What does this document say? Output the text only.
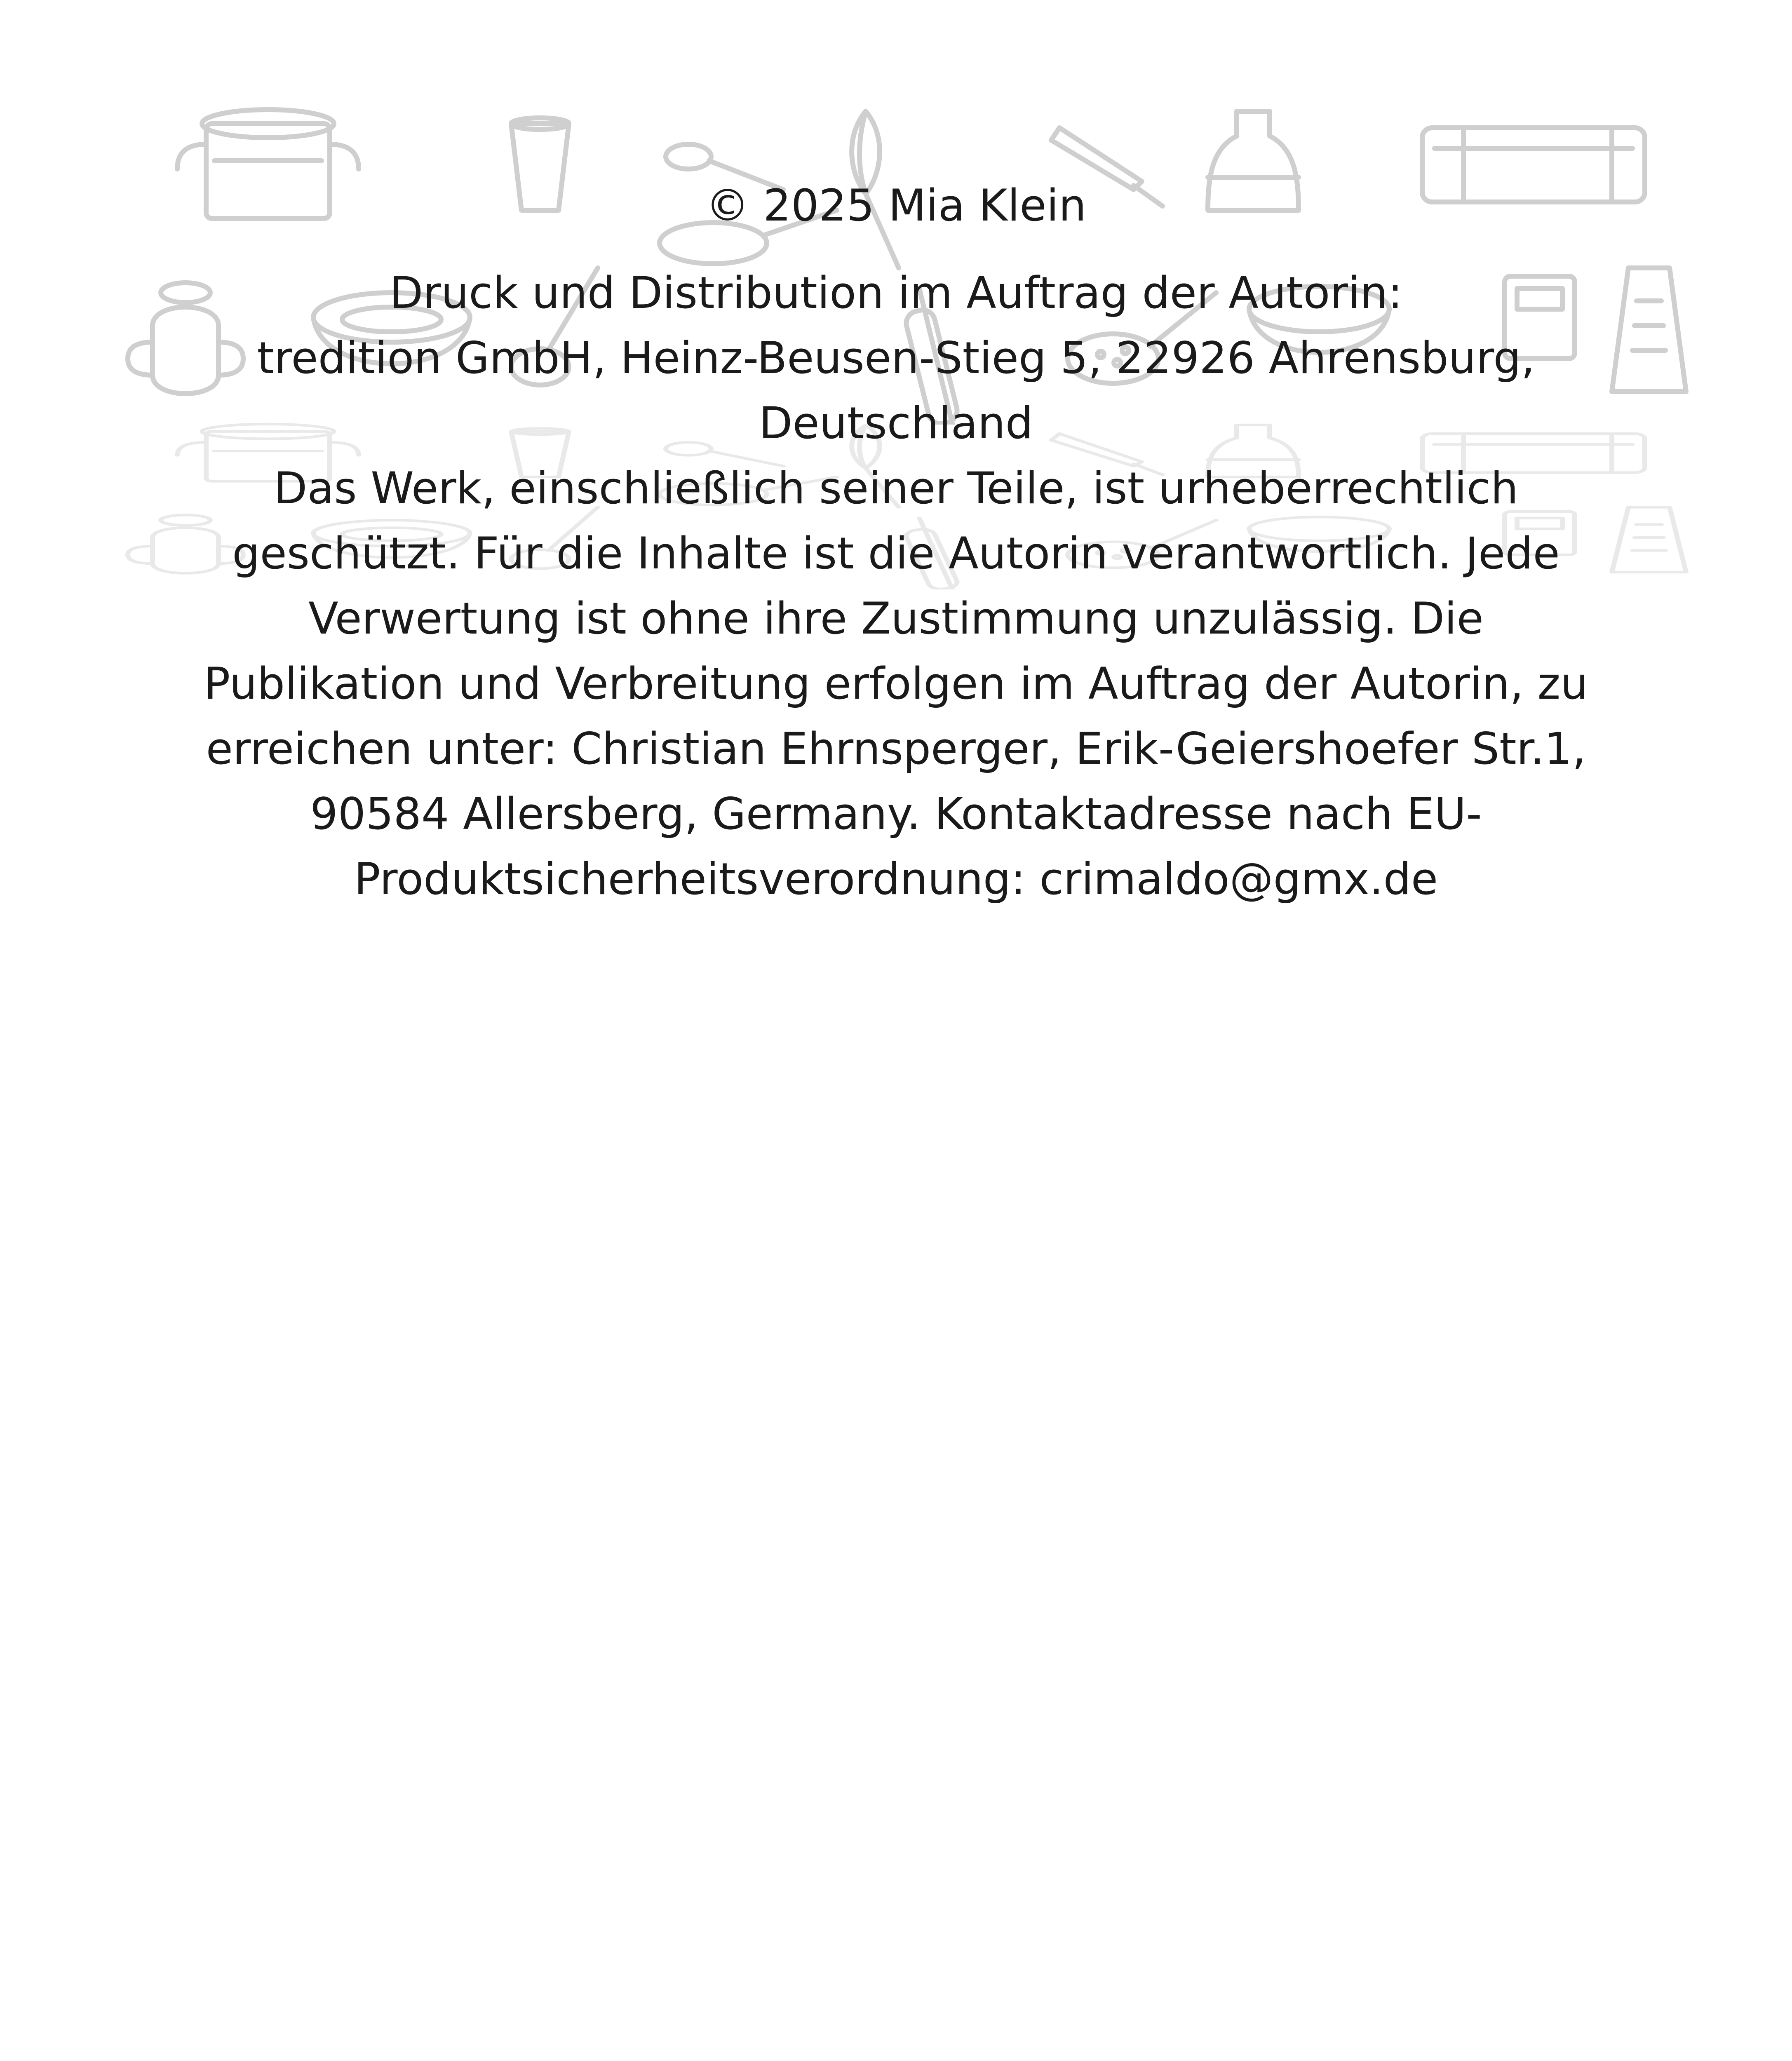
© 2025 Mia Klein

Druck und Distribution im Auftrag der Autorin:

tredition GmbH, Heinz-Beusen-Stieg 5, 22926 Ahrensburg, Deutschland

Das Werk, einschließlich seiner Teile, ist urheberrechtlich geschützt. Für die Inhalte ist die Autorin verantwortlich. Jede Verwertung ist ohne ihre Zustimmung unzulässig. Die Publikation und Verbreitung erfolgen im Auftrag der Autorin, zu erreichen unter: Christian Ehrnsperger, Erik-Geiershoefer Str.1, 90584 Allersberg, Germany. Kontaktadresse nach EU-Produktsicherheitsverordnung: crimaldo@gmx.de
